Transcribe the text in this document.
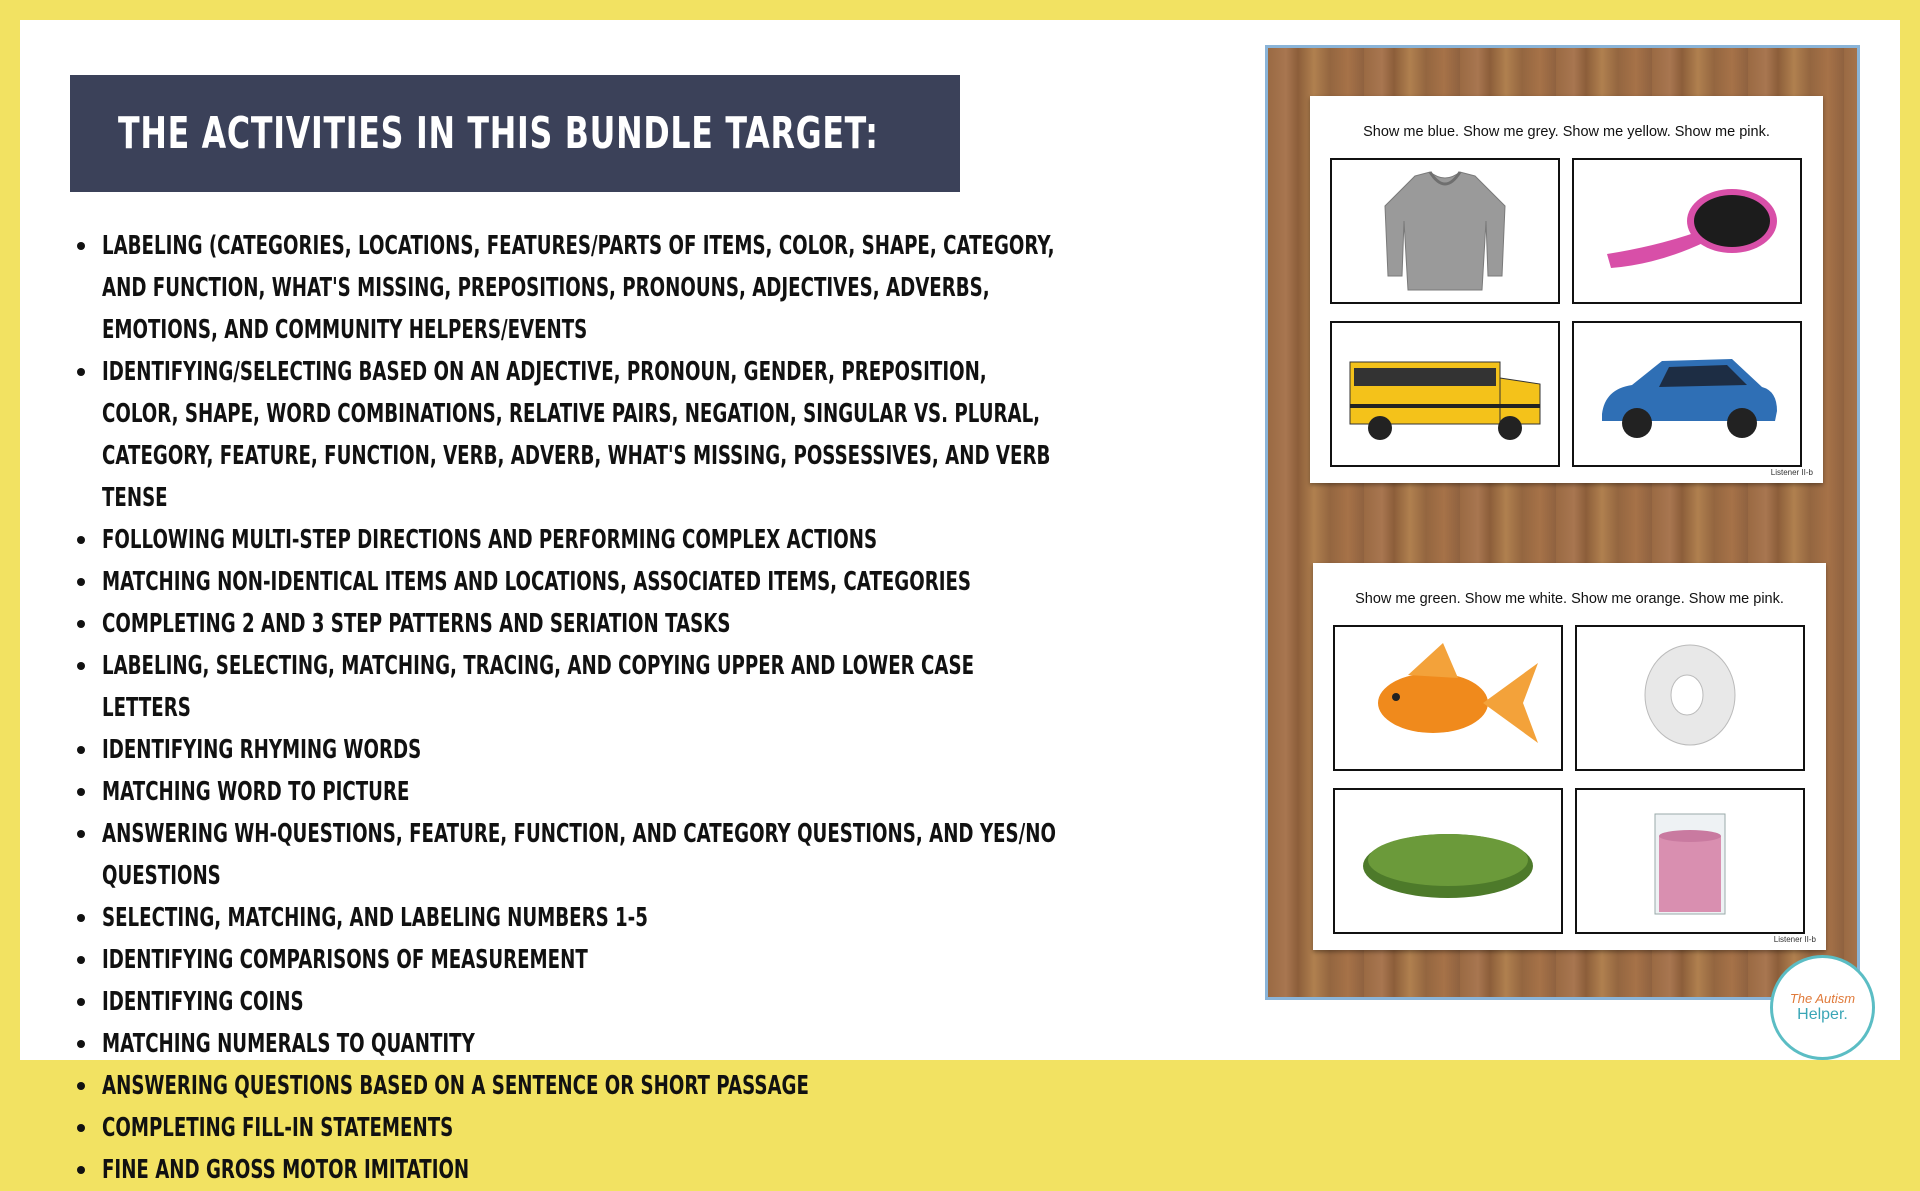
THE ACTIVITIES IN THIS BUNDLE TARGET:
LABELING (CATEGORIES, LOCATIONS, FEATURES/PARTS OF ITEMS, COLOR, SHAPE, CATEGORY, AND FUNCTION, WHAT'S MISSING, PREPOSITIONS, PRONOUNS, ADJECTIVES, ADVERBS, EMOTIONS, AND COMMUNITY HELPERS/EVENTS
IDENTIFYING/SELECTING BASED ON AN ADJECTIVE, PRONOUN, GENDER, PREPOSITION, COLOR, SHAPE, WORD COMBINATIONS, RELATIVE PAIRS, NEGATION, SINGULAR VS. PLURAL, CATEGORY, FEATURE, FUNCTION, VERB, ADVERB, WHAT'S MISSING, POSSESSIVES, AND VERB TENSE
FOLLOWING MULTI-STEP DIRECTIONS AND PERFORMING COMPLEX ACTIONS
MATCHING NON-IDENTICAL ITEMS AND LOCATIONS, ASSOCIATED ITEMS, CATEGORIES
COMPLETING 2 AND 3 STEP PATTERNS AND SERIATION TASKS
LABELING, SELECTING, MATCHING, TRACING, AND COPYING UPPER AND LOWER CASE LETTERS
IDENTIFYING RHYMING WORDS
MATCHING WORD TO PICTURE
ANSWERING WH-QUESTIONS, FEATURE, FUNCTION, AND CATEGORY QUESTIONS, AND YES/NO QUESTIONS
SELECTING, MATCHING, AND LABELING NUMBERS 1-5
IDENTIFYING COMPARISONS OF MEASUREMENT
IDENTIFYING COINS
MATCHING NUMERALS TO QUANTITY
ANSWERING QUESTIONS BASED ON A SENTENCE OR SHORT PASSAGE
COMPLETING FILL-IN STATEMENTS
FINE AND GROSS MOTOR IMITATION
Show me blue. Show me grey. Show me yellow. Show me pink.
Listener II-b
Show me green. Show me white. Show me orange. Show me pink.
Listener II-b
The Autism
Helper.
